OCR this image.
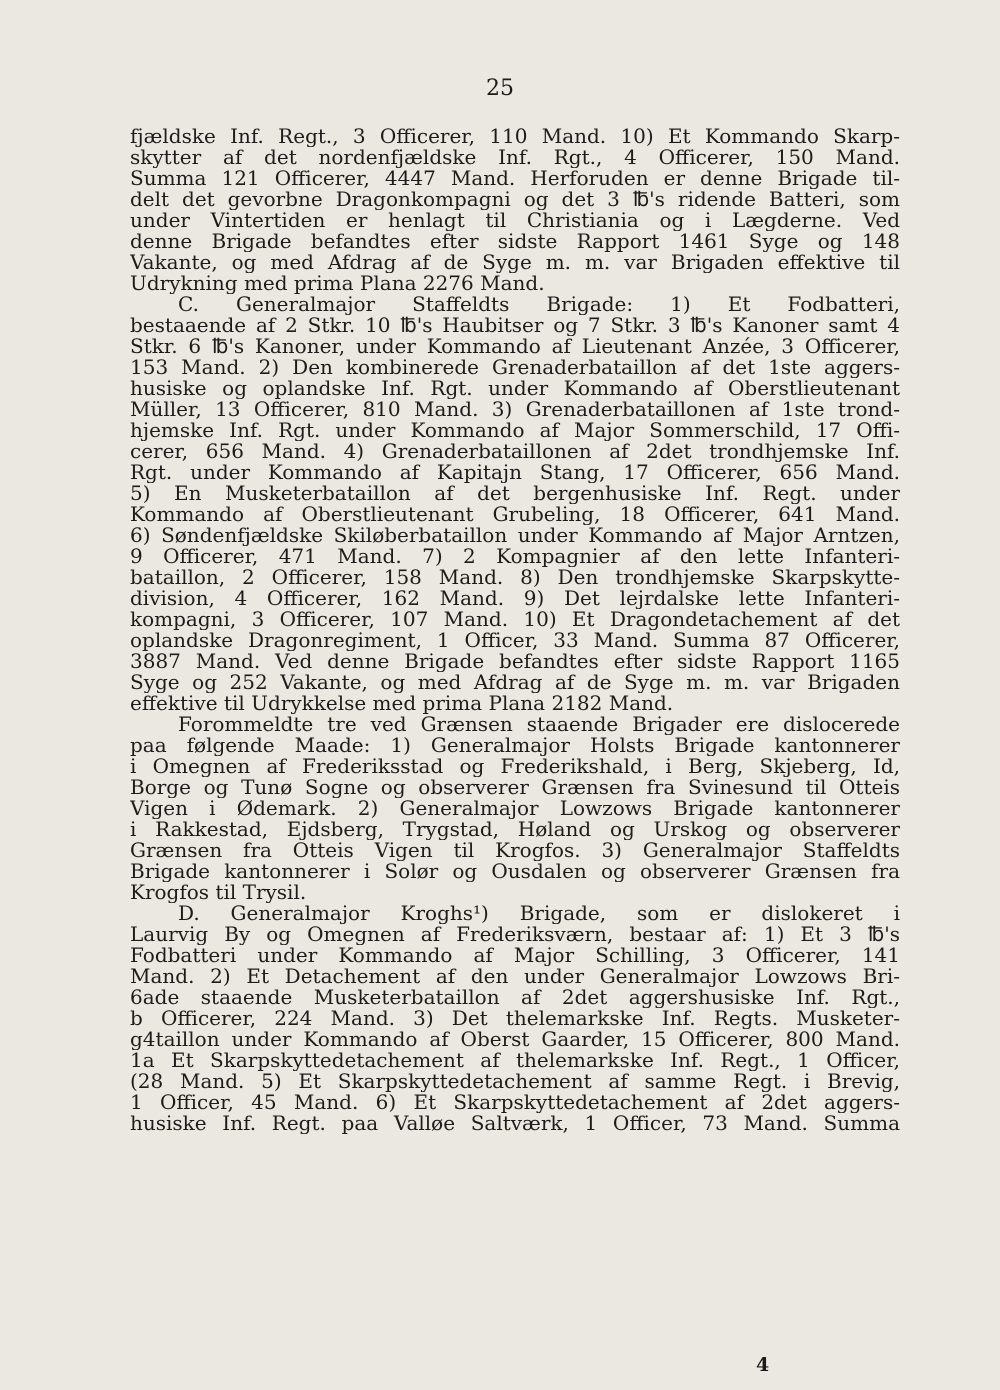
25
fjældske Inf. Regt., 3 Officerer, 110 Mand. 10) Et Kommando Skarp-
skytter af det nordenfjældske Inf. Rgt., 4 Officerer, 150 Mand.
Summa 121 Officerer, 4447 Mand. Herforuden er denne Brigade til-
delt det gevorbne Dragonkompagni og det 3 ℔'s ridende Batteri, som
under Vintertiden er henlagt til Christiania og i Lægderne. Ved
denne Brigade befandtes efter sidste Rapport 1461 Syge og 148
Vakante, og med Afdrag af de Syge m. m. var Brigaden effektive til
Udrykning med prima Plana 2276 Mand.
C. Generalmajor Staffeldts Brigade: 1) Et Fodbatteri,
bestaaende af 2 Stkr. 10 ℔'s Haubitser og 7 Stkr. 3 ℔'s Kanoner samt 4
Stkr. 6 ℔'s Kanoner, under Kommando af Lieutenant Anzée, 3 Officerer,
153 Mand. 2) Den kombinerede Grenaderbataillon af det 1ste aggers-
husiske og oplandske Inf. Rgt. under Kommando af Oberstlieutenant
Müller, 13 Officerer, 810 Mand. 3) Grenaderbataillonen af 1ste trond-
hjemske Inf. Rgt. under Kommando af Major Sommerschild, 17 Offi-
cerer, 656 Mand. 4) Grenaderbataillonen af 2det trondhjemske Inf.
Rgt. under Kommando af Kapitajn Stang, 17 Officerer, 656 Mand.
5) En Musketerbataillon af det bergenhusiske Inf. Regt. under
Kommando af Oberstlieutenant Grubeling, 18 Officerer, 641 Mand.
6) Søndenfjældske Skiløberbataillon under Kommando af Major Arntzen,
9 Officerer, 471 Mand. 7) 2 Kompagnier af den lette Infanteri-
bataillon, 2 Officerer, 158 Mand. 8) Den trondhjemske Skarpskytte-
division, 4 Officerer, 162 Mand. 9) Det lejrdalske lette Infanteri-
kompagni, 3 Officerer, 107 Mand. 10) Et Dragondetachement af det
oplandske Dragonregiment, 1 Officer, 33 Mand. Summa 87 Officerer,
3887 Mand. Ved denne Brigade befandtes efter sidste Rapport 1165
Syge og 252 Vakante, og med Afdrag af de Syge m. m. var Brigaden
effektive til Udrykkelse med prima Plana 2182 Mand.
Forommeldte tre ved Grænsen staaende Brigader ere dislocerede
paa følgende Maade: 1) Generalmajor Holsts Brigade kantonnerer
i Omegnen af Frederiksstad og Frederikshald, i Berg, Skjeberg, Id,
Borge og Tunø Sogne og observerer Grænsen fra Svinesund til Otteis
Vigen i Ødemark. 2) Generalmajor Lowzows Brigade kantonnerer
i Rakkestad, Ejdsberg, Trygstad, Høland og Urskog og observerer
Grænsen fra Otteis Vigen til Krogfos. 3) Generalmajor Staffeldts
Brigade kantonnerer i Solør og Ousdalen og observerer Grænsen fra
Krogfos til Trysil.
D. Generalmajor Kroghs¹) Brigade, som er dislokeret i
Laurvig By og Omegnen af Frederiksværn, bestaar af: 1) Et 3 ℔'s
Fodbatteri under Kommando af Major Schilling, 3 Officerer, 141
Mand. 2) Et Detachement af den under Generalmajor Lowzows Bri-
6ade staaende Musketerbataillon af 2det aggershusiske Inf. Rgt.,
b Officerer, 224 Mand. 3) Det thelemarkske Inf. Regts. Musketer-
g4taillon under Kommando af Oberst Gaarder, 15 Officerer, 800 Mand.
1a Et Skarpskyttedetachement af thelemarkske Inf. Regt., 1 Officer,
(28 Mand. 5) Et Skarpskyttedetachement af samme Regt. i Brevig,
1 Officer, 45 Mand. 6) Et Skarpskyttedetachement af 2det aggers-
husiske Inf. Regt. paa Valløe Saltværk, 1 Officer, 73 Mand. Summa
4
